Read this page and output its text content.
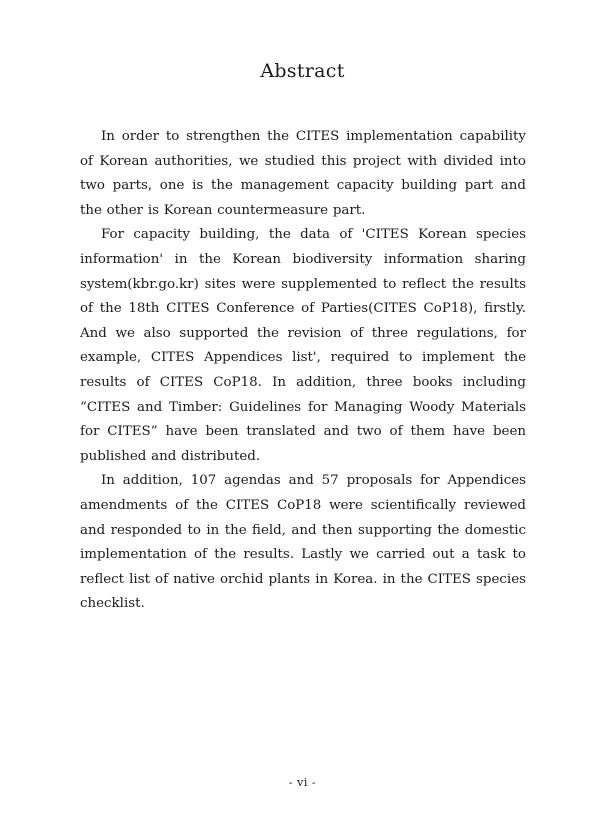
Abstract

In order to strengthen the CITES implementation capability of Korean authorities, we studied this project with divided into two parts, one is the management capacity building part and the other is Korean countermeasure part.

For capacity building, the data of 'CITES Korean species information' in the Korean biodiversity information sharing system(kbr.go.kr) sites were supplemented to reflect the results of the 18th CITES Conference of Parties(CITES CoP18), firstly. And we also supported the revision of three regulations, for example, CITES Appendices list', required to implement the results of CITES CoP18. In addition, three books including “CITES and Timber: Guidelines for Managing Woody Materials for CITES” have been translated and two of them have been published and distributed.

In addition, 107 agendas and 57 proposals for Appendices amendments of the CITES CoP18 were scientifically reviewed and responded to in the field, and then supporting the domestic implementation of the results. Lastly we carried out a task to reflect list of native orchid plants in Korea. in the CITES species checklist.

- vi -
